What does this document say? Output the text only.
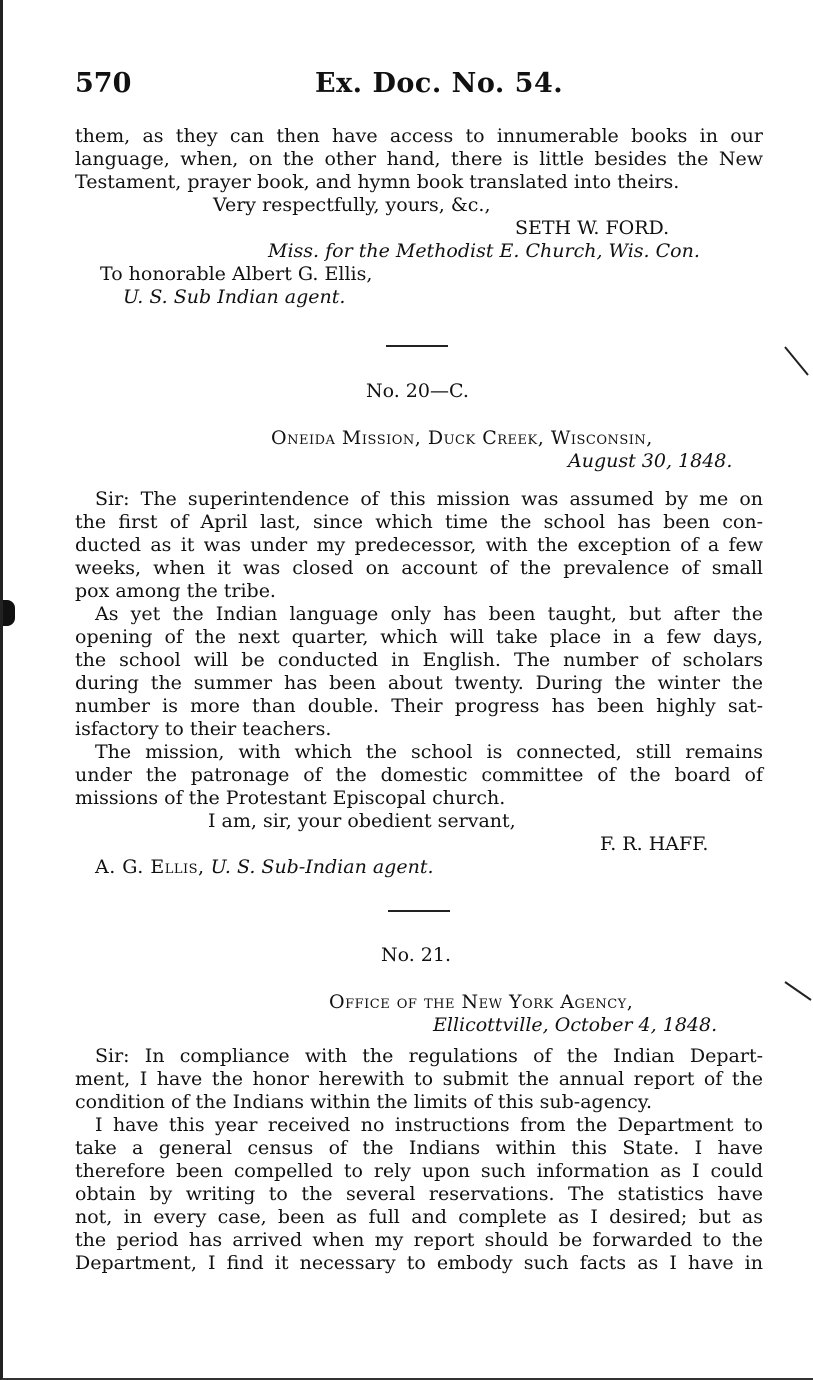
570	Ex. Doc. No. 54.
them, as they can then have access to innumerable books in our
language, when, on the other hand, there is little besides the New
Testament, prayer book, and hymn book translated into theirs.
Very respectfully, yours, &c.,
SETH W. FORD.
Miss. for the Methodist E. Church, Wis. Con.
To honorable Albert G. Ellis,
U. S. Sub Indian agent.
No. 20—C.
Oneida Mission, Duck Creek, Wisconsin,
August 30, 1848.
Sir: The superintendence of this mission was assumed by me on
the first of April last, since which time the school has been con-
ducted as it was under my predecessor, with the exception of a few
weeks, when it was closed on account of the prevalence of small
pox among the tribe.
As yet the Indian language only has been taught, but after the
opening of the next quarter, which will take place in a few days,
the school will be conducted in English. The number of scholars
during the summer has been about twenty. During the winter the
number is more than double. Their progress has been highly sat-
isfactory to their teachers.
The mission, with which the school is connected, still remains
under the patronage of the domestic committee of the board of
missions of the Protestant Episcopal church.
I am, sir, your obedient servant,
F. R. HAFF.
A. G. Ellis, U. S. Sub-Indian agent.
No. 21.
Office of the New York Agency,
Ellicottville, October 4, 1848.
Sir: In compliance with the regulations of the Indian Depart-
ment, I have the honor herewith to submit the annual report of the
condition of the Indians within the limits of this sub-agency.
I have this year received no instructions from the Department to
take a general census of the Indians within this State. I have
therefore been compelled to rely upon such information as I could
obtain by writing to the several reservations. The statistics have
not, in every case, been as full and complete as I desired; but as
the period has arrived when my report should be forwarded to the
Department, I find it necessary to embody such facts as I have in
